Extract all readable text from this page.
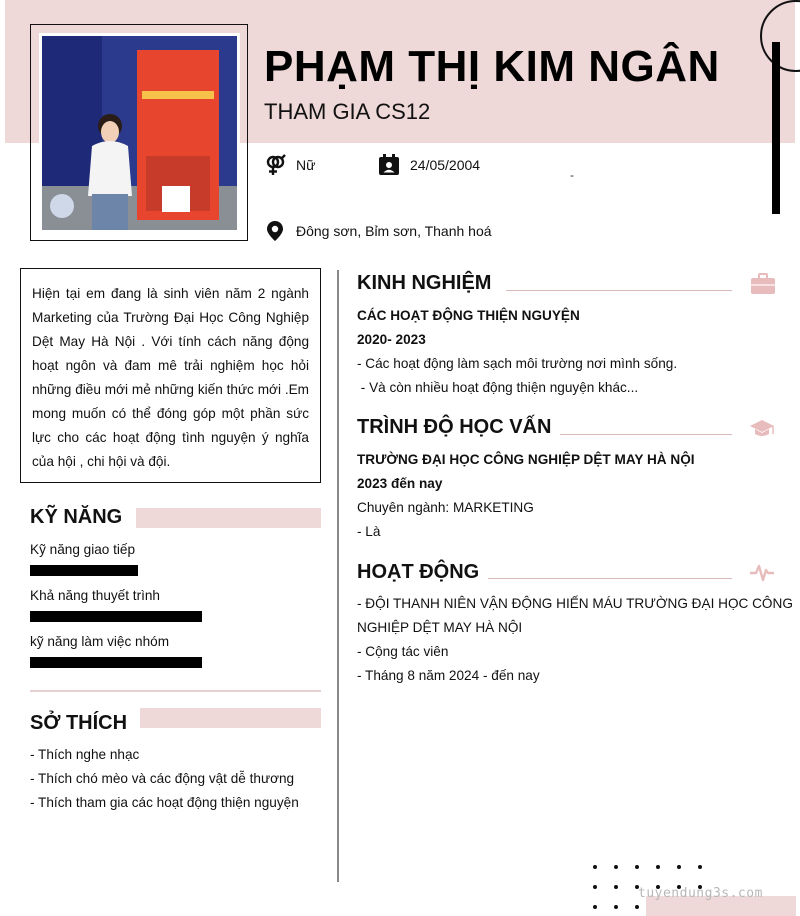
PHẠM THỊ KIM NGÂN
THAM GIA CS12
Nữ	24/05/2004
-
Đông sơn, Bỉm sơn, Thanh hoá
Hiện tại em đang là sinh viên năm 2 ngành Marketing của Trường Đại Học Công Nghiệp Dệt May Hà Nội . Với tính cách năng động hoạt ngôn và đam mê trải nghiệm học hỏi những điều mới mẻ những kiến thức mới .Em mong muốn có thể đóng góp một phần sức lực cho các hoạt động tình nguyện ý nghĩa của hội , chi hội và đội.
KỸ NĂNG
Kỹ năng giao tiếp
Khả năng thuyết trình
kỹ năng làm việc nhóm
SỞ THÍCH
- Thích nghe nhạc
- Thích chó mèo và các động vật dễ thương
- Thích tham gia các hoạt động thiện nguyện
KINH NGHIỆM
CÁC HOẠT ĐỘNG THIỆN NGUYỆN
2020- 2023
- Các hoạt động làm sạch môi trường nơi mình sống.
- Và còn nhiều hoạt động thiện nguyện khác...
TRÌNH ĐỘ HỌC VẤN
TRƯỜNG ĐẠI HỌC CÔNG NGHIỆP DỆT MAY HÀ NỘI
2023 đến nay
Chuyên ngành: MARKETING
- Là
HOẠT ĐỘNG
- ĐỘI THANH NIÊN VẬN ĐỘNG HIẾN MÁU TRƯỜNG ĐẠI HỌC CÔNG
NGHIỆP DỆT MAY HÀ NỘI
- Cộng tác viên
- Tháng 8 năm 2024 - đến nay
tuyendung3s.com
